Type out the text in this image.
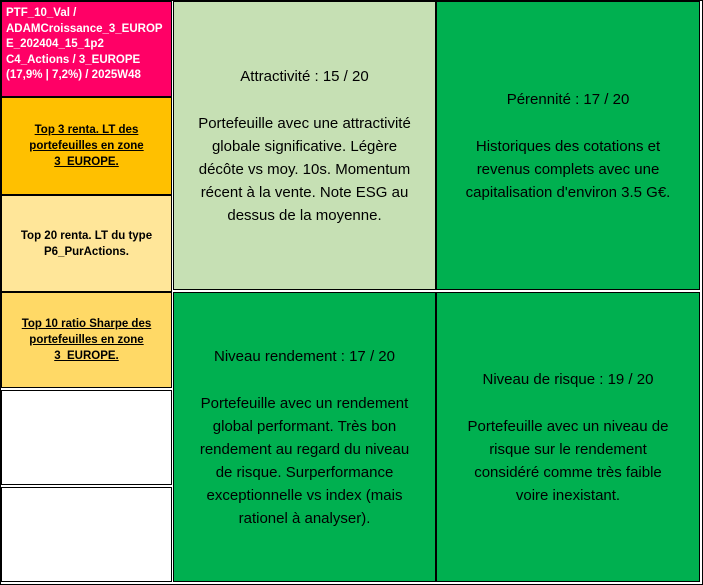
PTF_10_Val /
ADAMCroissance_3_EUROP
E_202404_15_1p2
C4_Actions / 3_EUROPE
(17,9% | 7,2%) / 2025W48
Top 3 renta. LT des
portefeuilles en zone
3_EUROPE.
Top 20 renta. LT du type
P6_PurActions.
Top 10 ratio Sharpe des
portefeuilles en zone
3_EUROPE.
Attractivité : 15 / 20
Portefeuille avec une attractivité
globale significative. Légère
décôte vs moy. 10s. Momentum
récent à la vente. Note ESG au
dessus de la moyenne.
Pérennité : 17 / 20
Historiques des cotations et
revenus complets avec une
capitalisation d'environ 3.5 G€.
Niveau rendement : 17 / 20
Portefeuille avec un rendement
global performant. Très bon
rendement au regard du niveau
de risque. Surperformance
exceptionnelle vs index (mais
rationel à analyser).
Niveau de risque : 19 / 20
Portefeuille avec un niveau de
risque sur le rendement
considéré comme très faible
voire inexistant.
